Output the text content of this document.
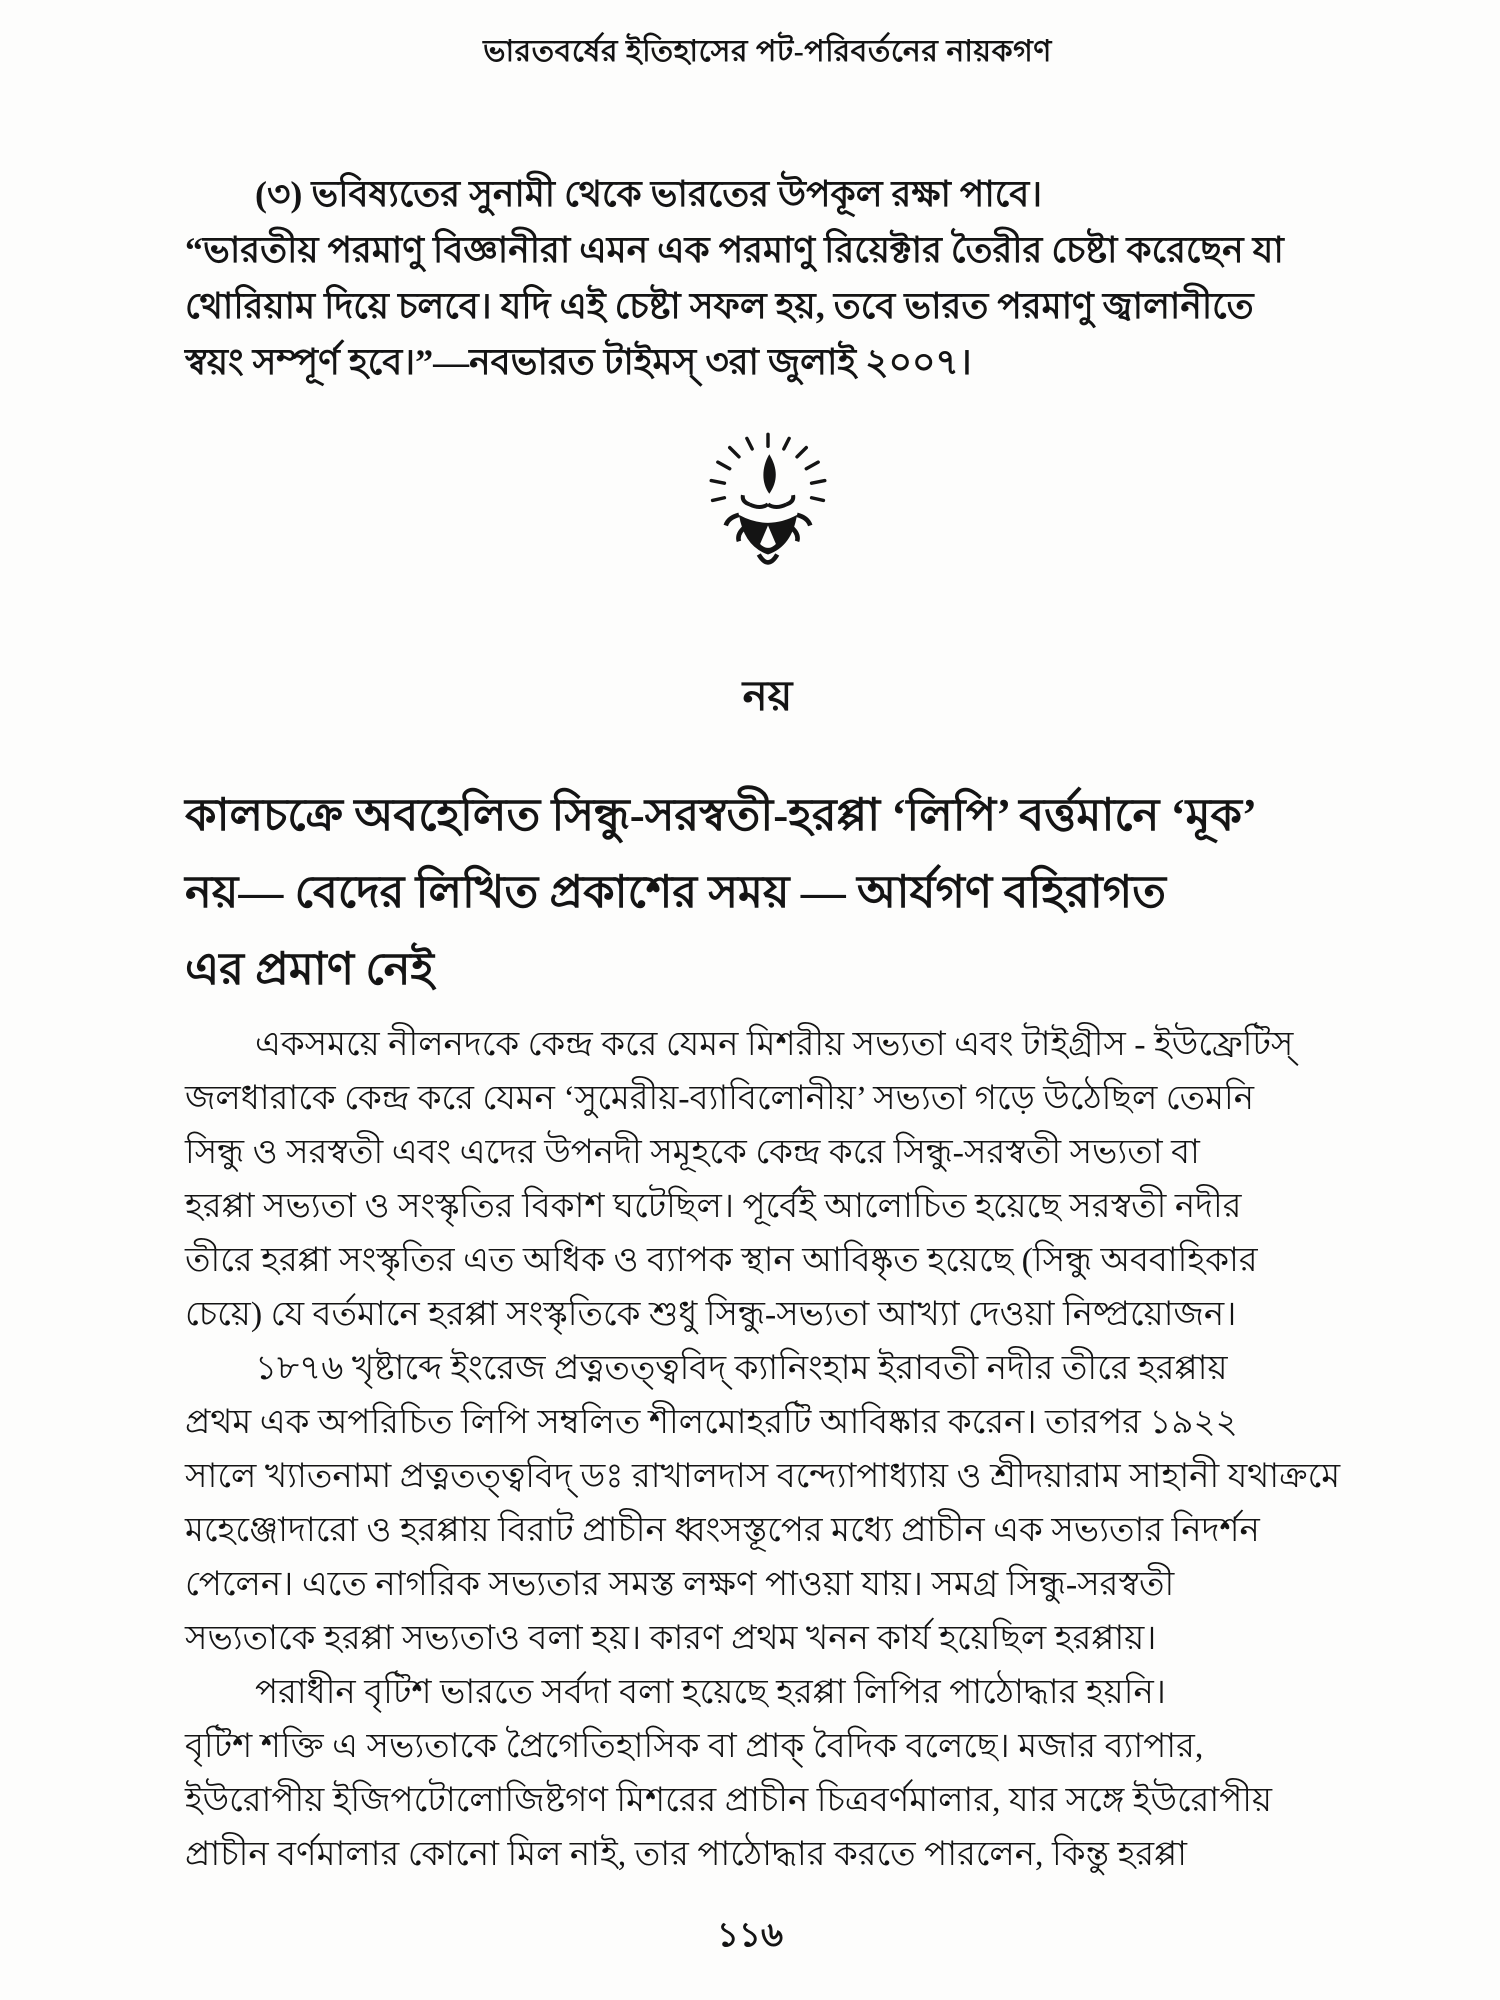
ভারতবর্ষের ইতিহাসের পট-পরিবর্তনের নায়কগণ
(৩) ভবিষ্যতের সুনামী থেকে ভারতের উপকূল রক্ষা পাবে।
“ভারতীয় পরমাণু বিজ্ঞানীরা এমন এক পরমাণু রিয়েক্টার তৈরীর চেষ্টা করেছেন যা
থোরিয়াম দিয়ে চলবে। যদি এই চেষ্টা সফল হয়, তবে ভারত পরমাণু জ্বালানীতে
স্বয়ং সম্পূর্ণ হবে।”—নবভারত টাইমস্ ৩রা জুলাই ২০০৭।
নয়
কালচক্রে অবহেলিত সিন্ধু-সরস্বতী-হরপ্পা ‘লিপি’ বর্ত্তমানে ‘মূক’
নয়— বেদের লিখিত প্রকাশের সময় — আর্যগণ বহিরাগত
এর প্রমাণ নেই
একসময়ে নীলনদকে কেন্দ্র করে যেমন মিশরীয় সভ্যতা এবং টাইগ্রীস - ইউফ্রেটিস্
জলধারাকে কেন্দ্র করে যেমন ‘সুমেরীয়-ব্যাবিলোনীয়’ সভ্যতা গড়ে উঠেছিল তেমনি
সিন্ধু ও সরস্বতী এবং এদের উপনদী সমূহকে কেন্দ্র করে সিন্ধু-সরস্বতী সভ্যতা বা
হরপ্পা সভ্যতা ও সংস্কৃতির বিকাশ ঘটেছিল। পূর্বেই আলোচিত হয়েছে সরস্বতী নদীর
তীরে হরপ্পা সংস্কৃতির এত অধিক ও ব্যাপক স্থান আবিষ্কৃত হয়েছে (সিন্ধু অববাহিকার
চেয়ে) যে বর্তমানে হরপ্পা সংস্কৃতিকে শুধু সিন্ধু-সভ্যতা আখ্যা দেওয়া নিষ্প্রয়োজন।
১৮৭৬ খৃষ্টাব্দে ইংরেজ প্রত্নতত্ত্ববিদ্ ক্যানিংহাম ইরাবতী নদীর তীরে হরপ্পায়
প্রথম এক অপরিচিত লিপি সম্বলিত শীলমোহরটি আবিষ্কার করেন। তারপর ১৯২২
সালে খ্যাতনামা প্রত্নতত্ত্ববিদ্ ডঃ রাখালদাস বন্দ্যোপাধ্যায় ও শ্রীদয়ারাম সাহানী যথাক্রমে
মহেঞ্জোদারো ও হরপ্পায় বিরাট প্রাচীন ধ্বংসস্তূপের মধ্যে প্রাচীন এক সভ্যতার নিদর্শন
পেলেন। এতে নাগরিক সভ্যতার সমস্ত লক্ষণ পাওয়া যায়। সমগ্র সিন্ধু-সরস্বতী
সভ্যতাকে হরপ্পা সভ্যতাও বলা হয়। কারণ প্রথম খনন কার্য হয়েছিল হরপ্পায়।
পরাধীন বৃটিশ ভারতে সর্বদা বলা হয়েছে হরপ্পা লিপির পাঠোদ্ধার হয়নি।
বৃটিশ শক্তি এ সভ্যতাকে প্রৈগেতিহাসিক বা প্রাক্ বৈদিক বলেছে। মজার ব্যাপার,
ইউরোপীয় ইজিপটোলোজিষ্টগণ মিশরের প্রাচীন চিত্রবর্ণমালার, যার সঙ্গে ইউরোপীয়
প্রাচীন বর্ণমালার কোনো মিল নাই, তার পাঠোদ্ধার করতে পারলেন, কিন্তু হরপ্পা
১১৬
